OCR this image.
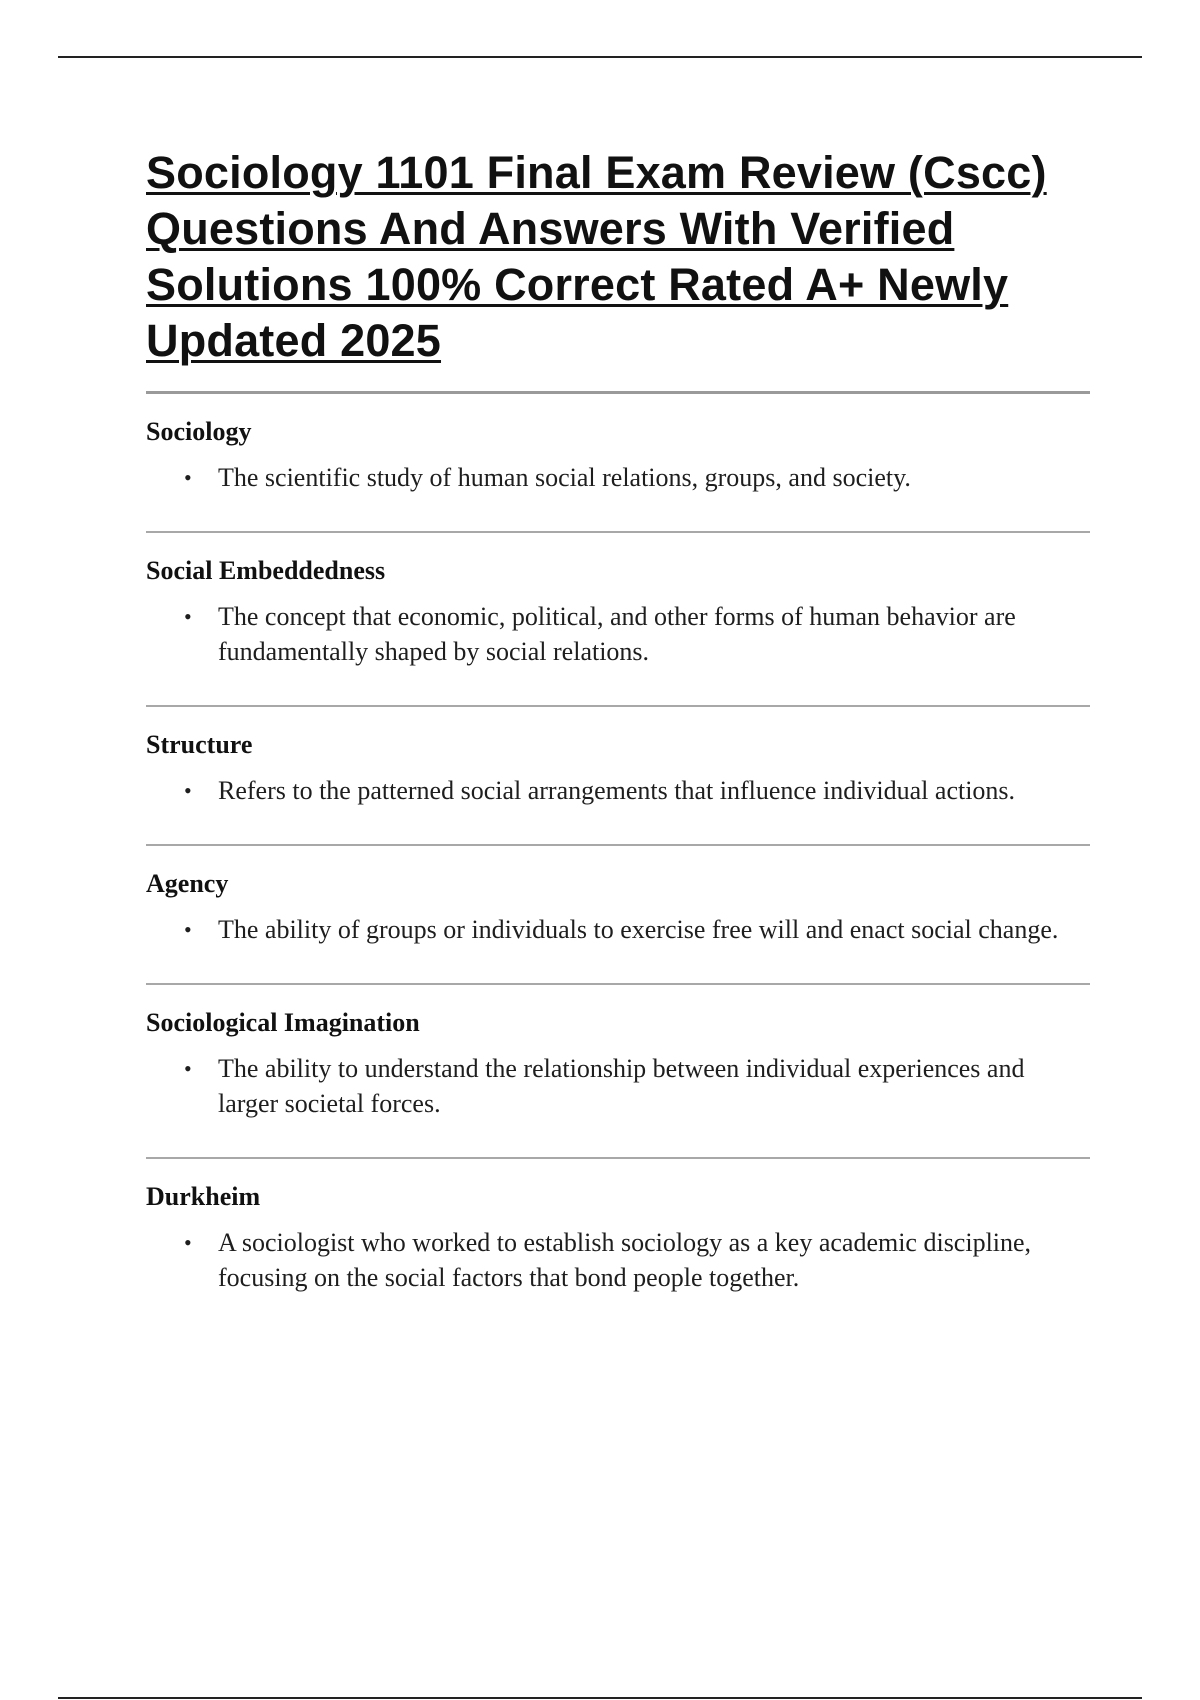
Sociology 1101 Final Exam Review (Cscc) Questions And Answers With Verified Solutions 100% Correct Rated A+ Newly Updated 2025
Sociology
• The scientific study of human social relations, groups, and society.
Social Embeddedness
• The concept that economic, political, and other forms of human behavior are fundamentally shaped by social relations.
Structure
• Refers to the patterned social arrangements that influence individual actions.
Agency
• The ability of groups or individuals to exercise free will and enact social change.
Sociological Imagination
• The ability to understand the relationship between individual experiences and larger societal forces.
Durkheim
• A sociologist who worked to establish sociology as a key academic discipline, focusing on the social factors that bond people together.
